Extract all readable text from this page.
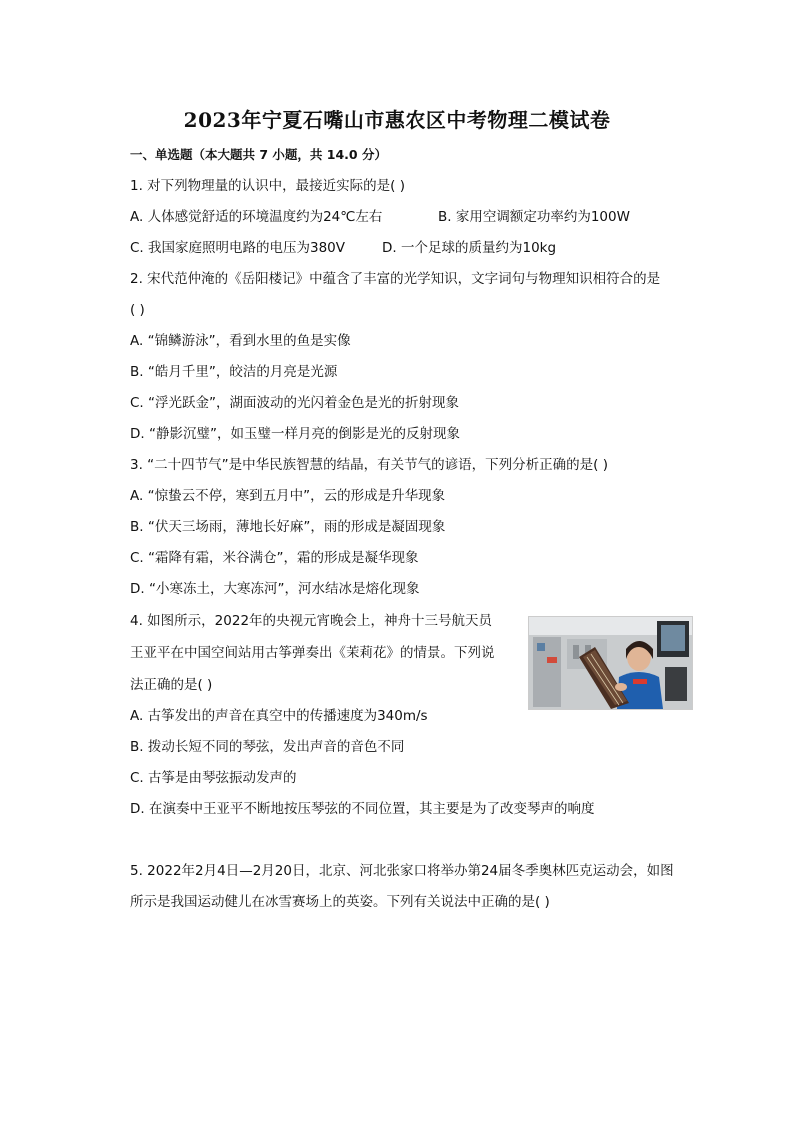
2023年宁夏石嘴山市惠农区中考物理二模试卷
一、单选题（本大题共 7 小题，共 14.0 分）
1. 对下列物理量的认识中，最接近实际的是( )
A. 人体感觉舒适的环境温度约为24℃左右	B. 家用空调额定功率约为100W
C. 我国家庭照明电路的电压为380V	D. 一个足球的质量约为10kg
2. 宋代范仲淹的《岳阳楼记》中蕴含了丰富的光学知识，文字词句与物理知识相符合的是
( )
A. “锦鳞游泳”，看到水里的鱼是实像
B. “皓月千里”，皎洁的月亮是光源
C. “浮光跃金”，湖面波动的光闪着金色是光的折射现象
D. “静影沉璧”，如玉璧一样月亮的倒影是光的反射现象
3. “二十四节气”是中华民族智慧的结晶，有关节气的谚语，下列分析正确的是( )
A. “惊蛰云不停，寒到五月中”，云的形成是升华现象
B. “伏天三场雨，薄地长好麻”，雨的形成是凝固现象
C. “霜降有霜，米谷满仓”，霜的形成是凝华现象
D. “小寒冻土，大寒冻河”，河水结冰是熔化现象
4. 如图所示，2022年的央视元宵晚会上，神舟十三号航天员
王亚平在中国空间站用古筝弹奏出《茉莉花》的情景。下列说
法正确的是( )
A. 古筝发出的声音在真空中的传播速度为340m/s
B. 拨动长短不同的琴弦，发出声音的音色不同
C. 古筝是由琴弦振动发声的
D. 在演奏中王亚平不断地按压琴弦的不同位置，其主要是为了改变琴声的响度
5. 2022年2月4日—2月20日，北京、河北张家口将举办第24届冬季奥林匹克运动会，如图
所示是我国运动健儿在冰雪赛场上的英姿。下列有关说法中正确的是( )
